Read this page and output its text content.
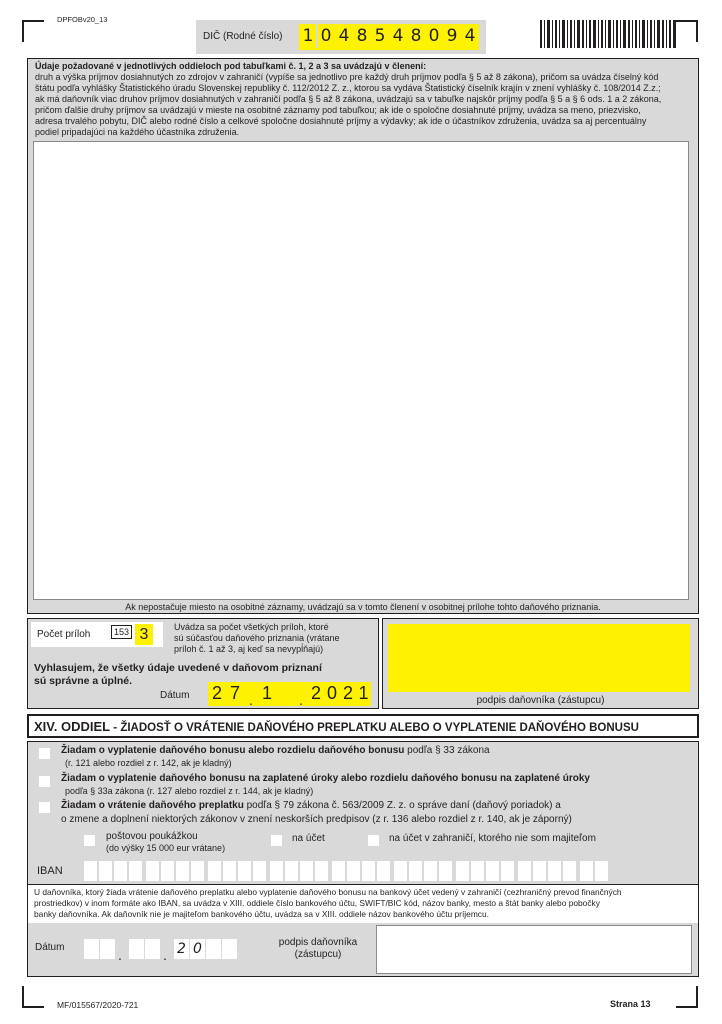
DPFOBv20_13
DIČ (Rodné číslo) 1 0 4 8 5 4 8 0 9 4
Údaje požadované v jednotlivých oddieloch pod tabuľkami č. 1, 2 a 3 sa uvádzajú v členení:
druh a výška príjmov dosiahnutých zo zdrojov v zahraničí (vypíše sa jednotlivo pre každý druh príjmov podľa § 5 až 8 zákona), pričom sa uvádza číselný kód
štátu podľa vyhlášky Štatistického úradu Slovenskej republiky č. 112/2012 Z. z., ktorou sa vydáva Štatistický číselník krajín v znení vyhlášky č. 108/2014 Z.z.;
ak má daňovník viac druhov príjmov dosiahnutých v zahraničí podľa § 5 až 8 zákona, uvádzajú sa v tabuľke najskôr príjmy podľa § 5 a § 6 ods. 1 a 2 zákona,
pričom ďalšie druhy príjmov sa uvádzajú v mieste na osobitné záznamy pod tabuľkou; ak ide o spoločne dosiahnuté príjmy, uvádza sa meno, priezvisko,
adresa trvalého pobytu, DIČ alebo rodné číslo a celkové spoločne dosiahnuté príjmy a výdavky; ak ide o účastníkov združenia, uvádza sa aj percentuálny
podiel pripadajúci na každého účastníka združenia.
Ak nepostačuje miesto na osobitné záznamy, uvádzajú sa v tomto členení v osobitnej prílohe tohto daňového priznania.
Počet príloh	153 3	Uvádza sa počet všetkých príloh, ktoré
sú súčasťou daňového priznania (vrátane
príloh č. 1 až 3, aj keď sa nevypĺňajú)
Vyhlasujem, že všetky údaje uvedené v daňovom priznaní
sú správne a úplné.
Dátum 2 7 . 1	. 2 0 2 1	podpis daňovníka (zástupcu)
XIV. ODDIEL - ŽIADOSŤ O VRÁTENIE DAŇOVÉHO PREPLATKU ALEBO O VYPLATENIE DAŇOVÉHO BONUSU
Žiadam o vyplatenie daňového bonusu alebo rozdielu daňového bonusu podľa § 33 zákona
(r. 121 alebo rozdiel z r. 142, ak je kladný)
Žiadam o vyplatenie daňového bonusu na zaplatené úroky alebo rozdielu daňového bonusu na zaplatené úroky
podľa § 33a zákona (r. 127 alebo rozdiel z r. 144, ak je kladný)
Žiadam o vrátenie daňového preplatku podľa § 79 zákona č. 563/2009 Z. z. o správe daní (daňový poriadok) a
o zmene a doplnení niektorých zákonov v znení neskorších predpisov (z r. 136 alebo rozdiel z r. 140, ak je záporný)
poštovou poukážkou
(do výšky 15 000 eur vrátane)
na účet	na účet v zahraničí, ktorého nie som majiteľom
IBAN
U daňovníka, ktorý žiada vrátenie daňového preplatku alebo vyplatenie daňového bonusu na bankový účet vedený v zahraničí (cezhraničný prevod finančných
prostriedkov) v inom formáte ako IBAN, sa uvádza v XIII. oddiele číslo bankového účtu, SWIFT/BIC kód, názov banky, mesto a štát banky alebo pobočky
banky daňovníka. Ak daňovník nie je majiteľom bankového účtu, uvádza sa v XIII. oddiele názov bankového účtu príjemcu.
Dátum	.	. 2 0	podpis daňovníka
(zástupcu)
MF/015567/2020-721	Strana 13
